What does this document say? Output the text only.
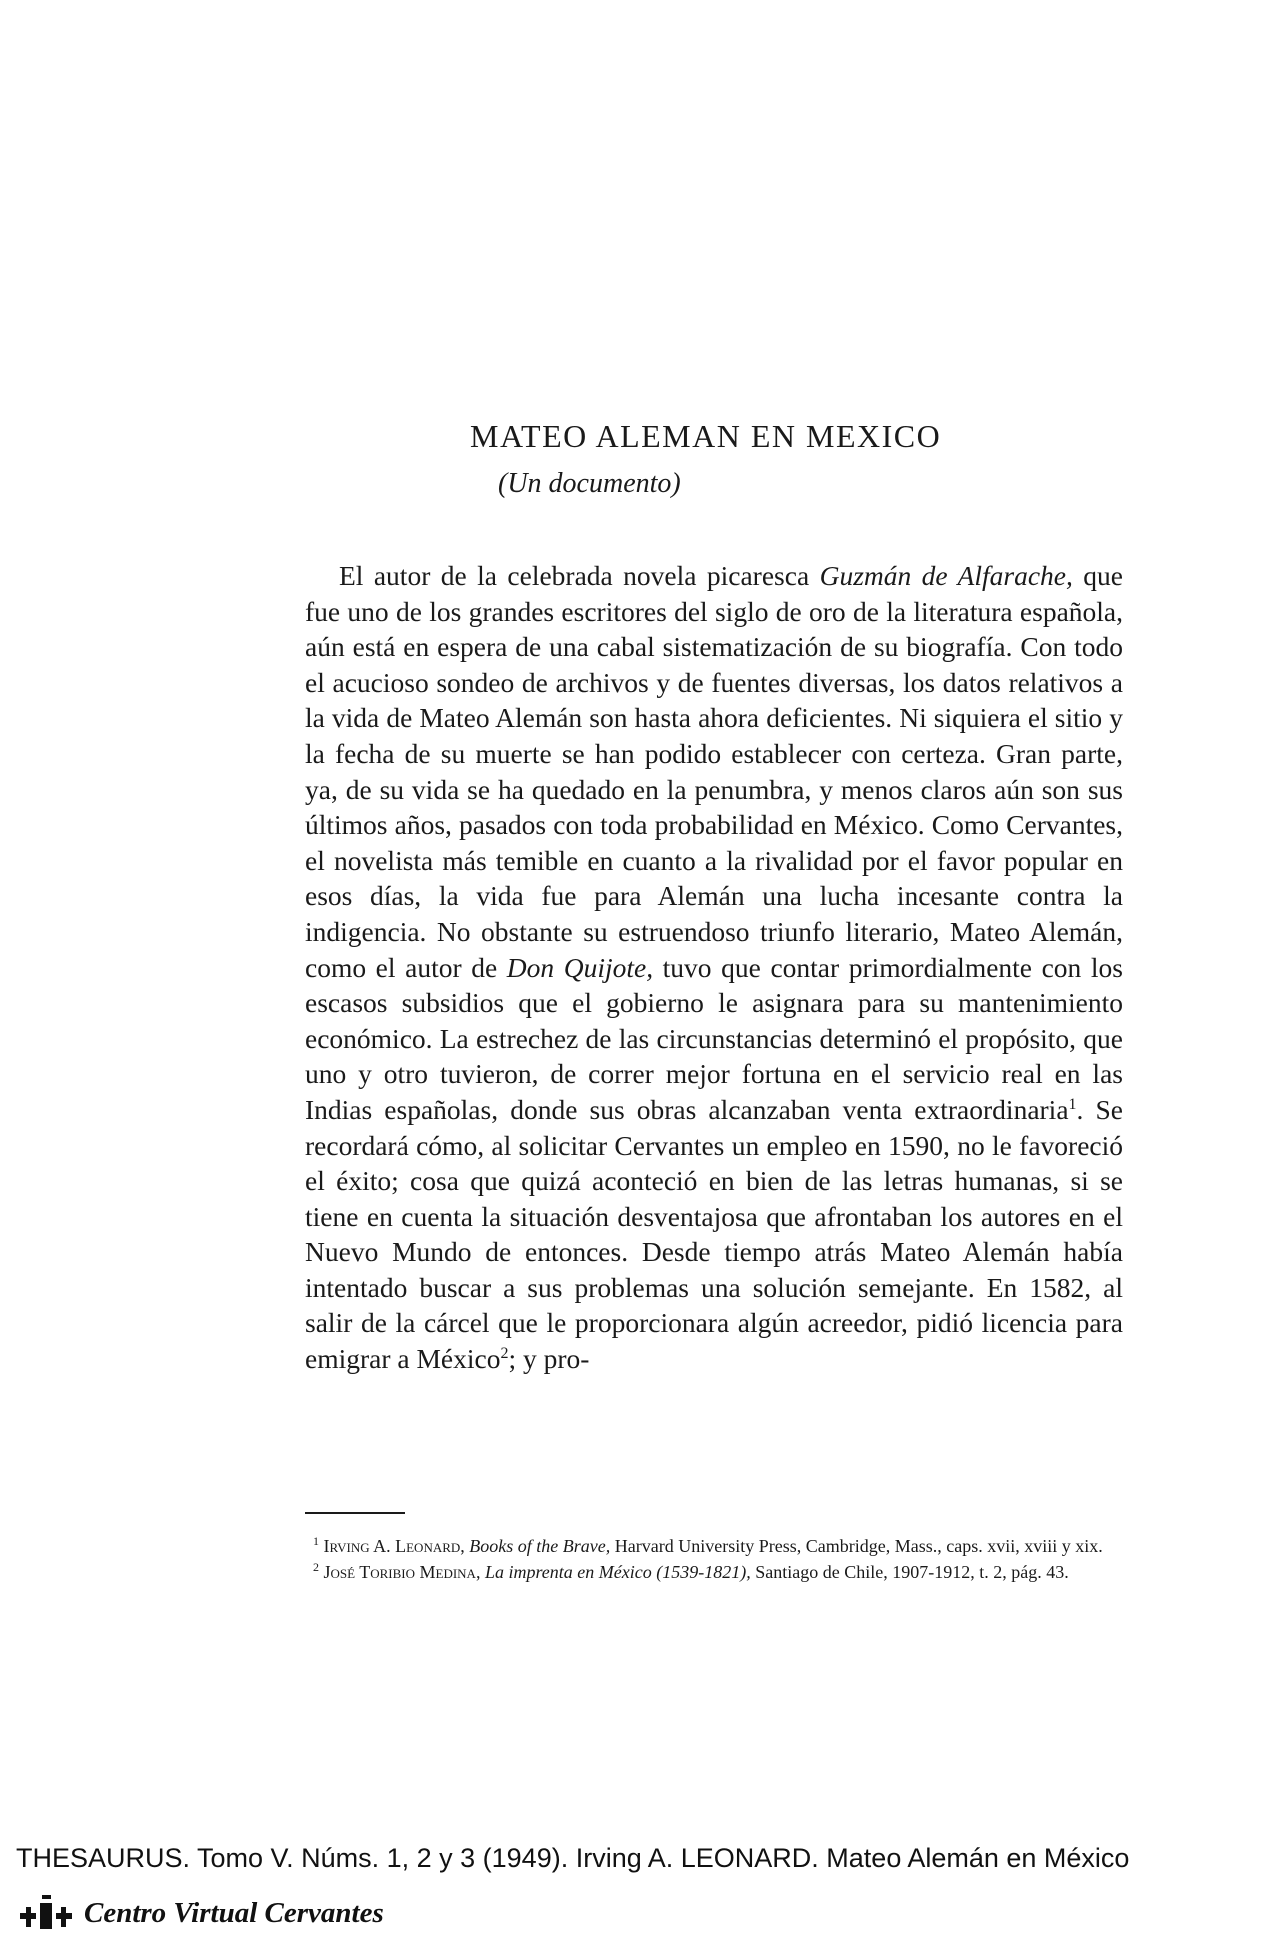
MATEO ALEMAN EN MEXICO
(Un documento)

El autor de la celebrada novela picaresca Guzmán de Alfarache, que fue uno de los grandes escritores del siglo de oro de la literatura española, aún está en espera de una cabal sistematización de su biografía. Con todo el acucioso sondeo de archivos y de fuentes diversas, los datos relativos a la vida de Mateo Alemán son hasta ahora deficientes. Ni siquiera el sitio y la fecha de su muerte se han podido establecer con certeza. Gran parte, ya, de su vida se ha quedado en la penumbra, y menos claros aún son sus últimos años, pasados con toda probabilidad en México. Como Cervantes, el novelista más temible en cuanto a la rivalidad por el favor popular en esos días, la vida fue para Alemán una lucha incesante contra la indigencia. No obstante su estruendoso triunfo literario, Mateo Alemán, como el autor de Don Quijote, tuvo que contar primordialmente con los escasos subsidios que el gobierno le asignara para su mantenimiento económico. La estrechez de las circunstancias determinó el propósito, que uno y otro tuvieron, de correr mejor fortuna en el servicio real en las Indias españolas, donde sus obras alcanzaban venta extraordinaria$^1$. Se recordará cómo, al solicitar Cervantes un empleo en 1590, no le favoreció el éxito; cosa que quizá aconteció en bien de las letras humanas, si se tiene en cuenta la situación desventajosa que afrontaban los autores en el Nuevo Mundo de entonces. Desde tiempo atrás Mateo Alemán había intentado buscar a sus problemas una solución semejante. En 1582, al salir de la cárcel que le proporcionara algún acreedor, pidió licencia para emigrar a México$^2$; y pro-

$^1$ Irving A. Leonard, Books of the Brave, Harvard University Press, Cambridge, Mass., caps. xvii, xviii y xix.

$^2$ José Toribio Medina, La imprenta en México (1539-1821), Santiago de Chile, 1907-1912, t. 2, pág. 43.

THESAURUS. Tomo V. Núms. 1, 2 y 3 (1949). Irving A. LEONARD. Mateo Alemán en México
Centro Virtual Cervantes
